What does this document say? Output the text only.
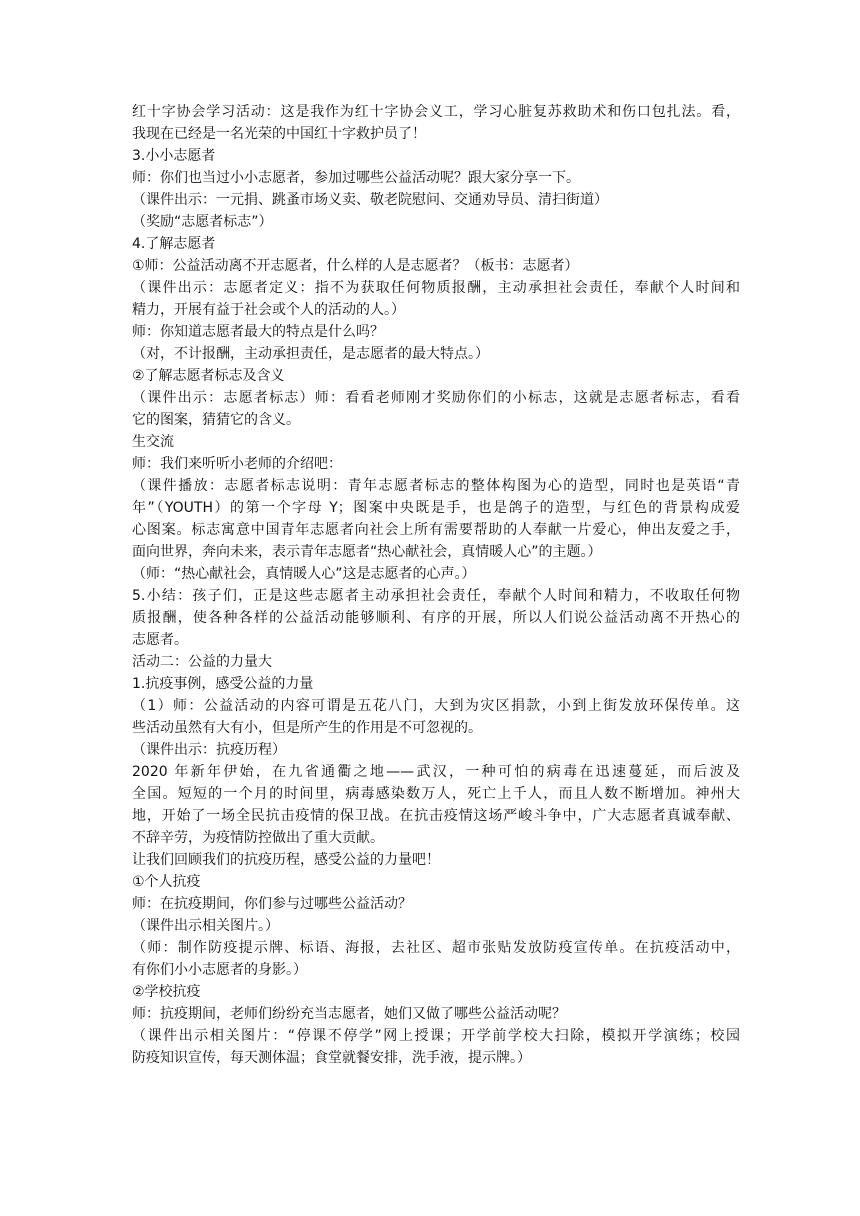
红十字协会学习活动：这是我作为红十字协会义工，学习心脏复苏救助术和伤口包扎法。看，
我现在已经是一名光荣的中国红十字救护员了！
3.小小志愿者
师：你们也当过小小志愿者，参加过哪些公益活动呢？跟大家分享一下。
（课件出示：一元捐、跳蚤市场义卖、敬老院慰问、交通劝导员、清扫街道）
（奖励“志愿者标志”）
4.了解志愿者
①师：公益活动离不开志愿者，什么样的人是志愿者？（板书：志愿者）
（课件出示：志愿者定义：指不为获取任何物质报酬，主动承担社会责任，奉献个人时间和
精力，开展有益于社会或个人的活动的人。）
师：你知道志愿者最大的特点是什么吗？
（对，不计报酬，主动承担责任，是志愿者的最大特点。）
②了解志愿者标志及含义
（课件出示：志愿者标志）师：看看老师刚才奖励你们的小标志，这就是志愿者标志，看看
它的图案，猜猜它的含义。
生交流
师：我们来听听小老师的介绍吧：
（课件播放：志愿者标志说明：青年志愿者标志的整体构图为心的造型，同时也是英语“青
年”（YOUTH）的第一个字母 Y；图案中央既是手，也是鸽子的造型，与红色的背景构成爱
心图案。标志寓意中国青年志愿者向社会上所有需要帮助的人奉献一片爱心，伸出友爱之手，
面向世界，奔向未来，表示青年志愿者“热心献社会，真情暖人心”的主题。）
（师：“热心献社会，真情暖人心”这是志愿者的心声。）
5.小结：孩子们，正是这些志愿者主动承担社会责任，奉献个人时间和精力，不收取任何物
质报酬，使各种各样的公益活动能够顺利、有序的开展，所以人们说公益活动离不开热心的
志愿者。
活动二：公益的力量大
1.抗疫事例，感受公益的力量
（1）师：公益活动的内容可谓是五花八门，大到为灾区捐款，小到上街发放环保传单。这
些活动虽然有大有小，但是所产生的作用是不可忽视的。
（课件出示：抗疫历程）
2020 年新年伊始，在九省通衢之地——武汉，一种可怕的病毒在迅速蔓延，而后波及
全国。短短的一个月的时间里，病毒感染数万人，死亡上千人，而且人数不断增加。神州大
地，开始了一场全民抗击疫情的保卫战。在抗击疫情这场严峻斗争中，广大志愿者真诚奉献、
不辞辛劳，为疫情防控做出了重大贡献。
让我们回顾我们的抗疫历程，感受公益的力量吧！
①个人抗疫
师：在抗疫期间，你们参与过哪些公益活动？
（课件出示相关图片。）
（师：制作防疫提示牌、标语、海报，去社区、超市张贴发放防疫宣传单。在抗疫活动中，
有你们小小志愿者的身影。）
②学校抗疫
师：抗疫期间，老师们纷纷充当志愿者，她们又做了哪些公益活动呢？
（课件出示相关图片：“停课不停学”网上授课；开学前学校大扫除，模拟开学演练；校园
防疫知识宣传，每天测体温；食堂就餐安排，洗手液，提示牌。）
